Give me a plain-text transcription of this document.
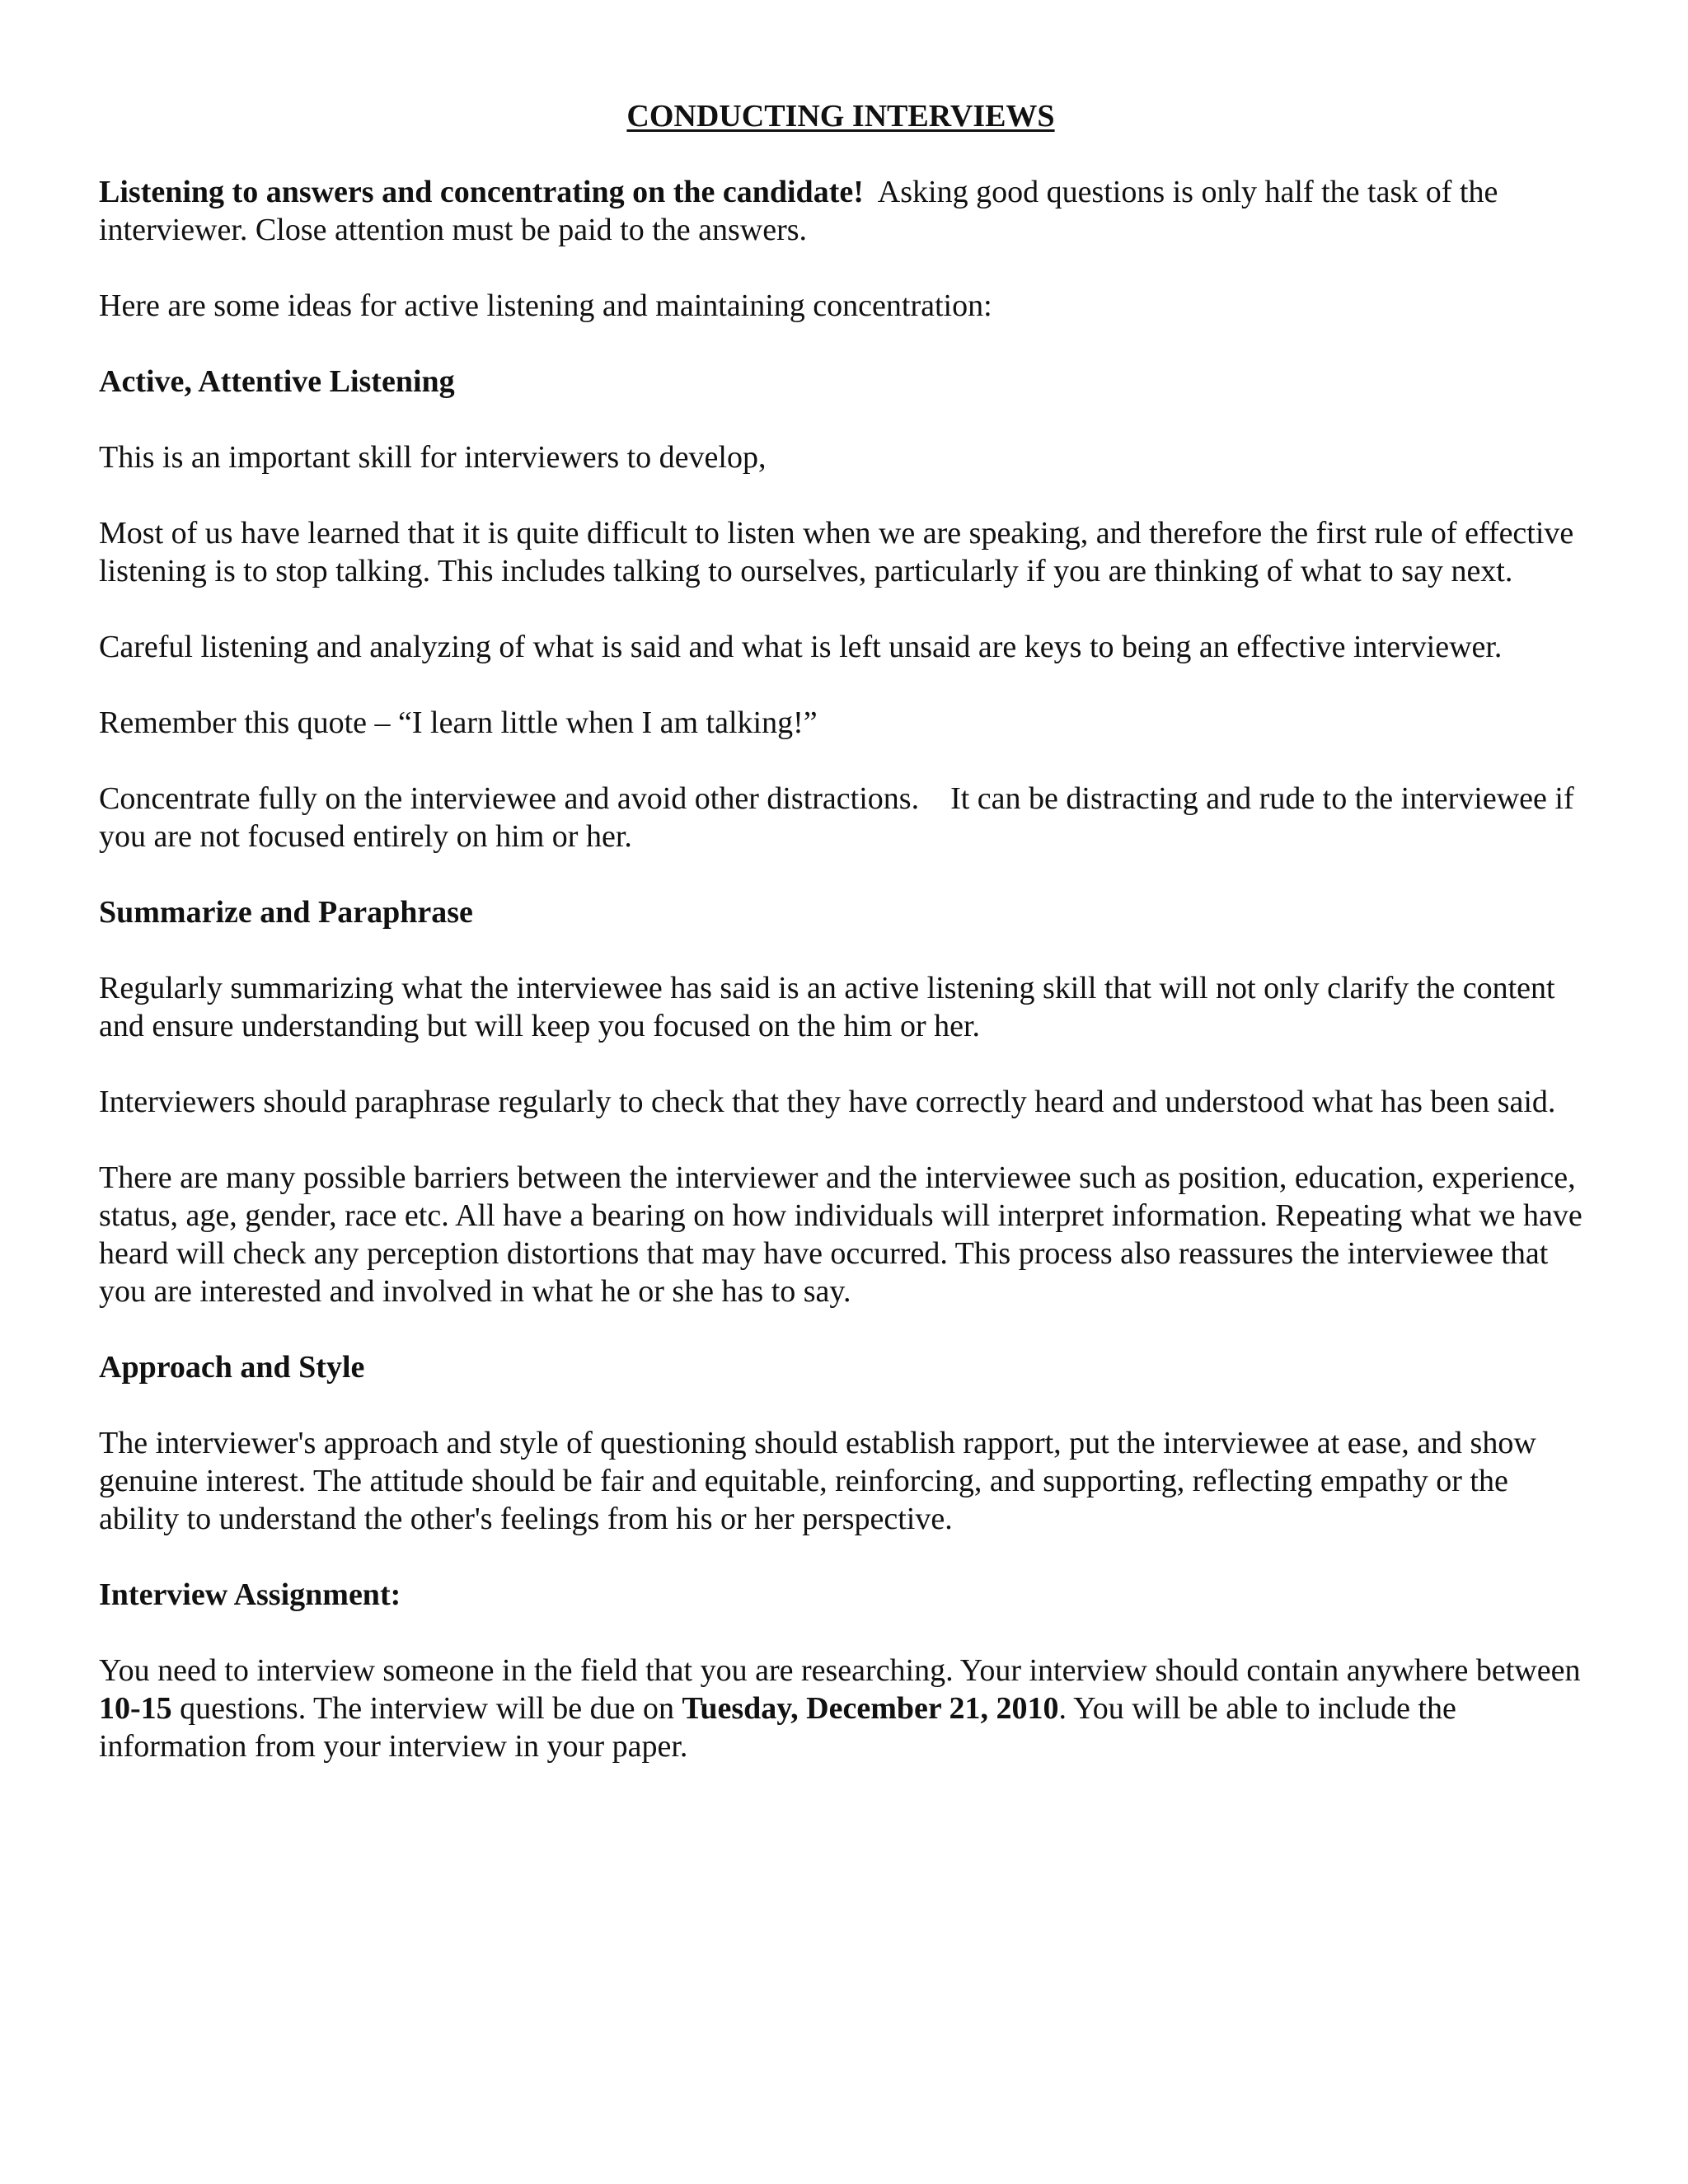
CONDUCTING INTERVIEWS

Listening to answers and concentrating on the candidate! Asking good questions is only half the task of the interviewer. Close attention must be paid to the answers.

Here are some ideas for active listening and maintaining concentration:

Active, Attentive Listening

This is an important skill for interviewers to develop,

Most of us have learned that it is quite difficult to listen when we are speaking, and therefore the first rule of effective listening is to stop talking. This includes talking to ourselves, particularly if you are thinking of what to say next.

Careful listening and analyzing of what is said and what is left unsaid are keys to being an effective interviewer.

Remember this quote – “I learn little when I am talking!”

Concentrate fully on the interviewee and avoid other distractions. It can be distracting and rude to the interviewee if you are not focused entirely on him or her.

Summarize and Paraphrase

Regularly summarizing what the interviewee has said is an active listening skill that will not only clarify the content and ensure understanding but will keep you focused on the him or her.

Interviewers should paraphrase regularly to check that they have correctly heard and understood what has been said.

There are many possible barriers between the interviewer and the interviewee such as position, education, experience, status, age, gender, race etc. All have a bearing on how individuals will interpret information. Repeating what we have heard will check any perception distortions that may have occurred. This process also reassures the interviewee that you are interested and involved in what he or she has to say.

Approach and Style

The interviewer's approach and style of questioning should establish rapport, put the interviewee at ease, and show genuine interest. The attitude should be fair and equitable, reinforcing, and supporting, reflecting empathy or the ability to understand the other's feelings from his or her perspective.

Interview Assignment:

You need to interview someone in the field that you are researching. Your interview should contain anywhere between 10-15 questions. The interview will be due on Tuesday, December 21, 2010. You will be able to include the information from your interview in your paper.
